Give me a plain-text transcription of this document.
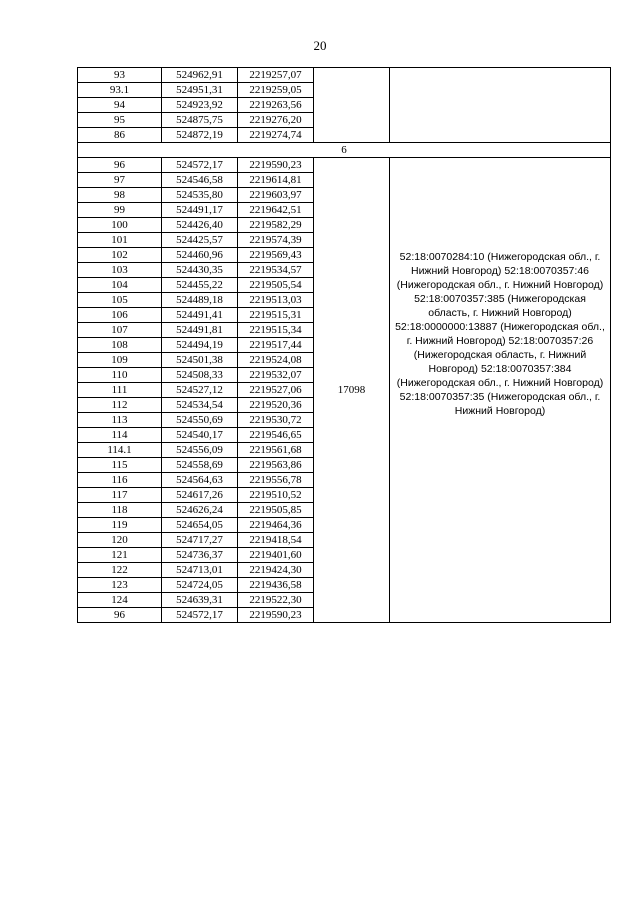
20
93	524962,91	2219257,07		
93.1	524951,31	2219259,05		
94	524923,92	2219263,56		
95	524875,75	2219276,20		
86	524872,19	2219274,74		
6				
96	524572,17	2219590,23	17098	52:18:0070284:10 (Нижегородская обл., г. Нижний Новгород) 52:18:0070357:46 (Нижегородская обл., г. Нижний Новгород) 52:18:0070357:385 (Нижегородская область, г. Нижний Новгород) 52:18:0000000:13887 (Нижегородская обл., г. Нижний Новгород) 52:18:0070357:26 (Нижегородская область, г. Нижний Новгород) 52:18:0070357:384 (Нижегородская обл., г. Нижний Новгород) 52:18:0070357:35 (Нижегородская обл., г. Нижний Новгород)

97	524546,58	2219614,81		
98	524535,80	2219603,97		
99	524491,17	2219642,51		
100	524426,40	2219582,29		
101	524425,57	2219574,39		
102	524460,96	2219569,43		
103	524430,35	2219534,57		
104	524455,22	2219505,54		
105	524489,18	2219513,03		
106	524491,41	2219515,31		
107	524491,81	2219515,34		
108	524494,19	2219517,44		
109	524501,38	2219524,08		
110	524508,33	2219532,07		
111	524527,12	2219527,06		
112	524534,54	2219520,36		
113	524550,69	2219530,72		
114	524540,17	2219546,65		
114.1	524556,09	2219561,68		
115	524558,69	2219563,86		
116	524564,63	2219556,78		
117	524617,26	2219510,52		
118	524626,24	2219505,85		
119	524654,05	2219464,36		
120	524717,27	2219418,54		
121	524736,37	2219401,60		
122	524713,01	2219424,30		
123	524724,05	2219436,58		
124	524639,31	2219522,30		
96	524572,17	2219590,23		
